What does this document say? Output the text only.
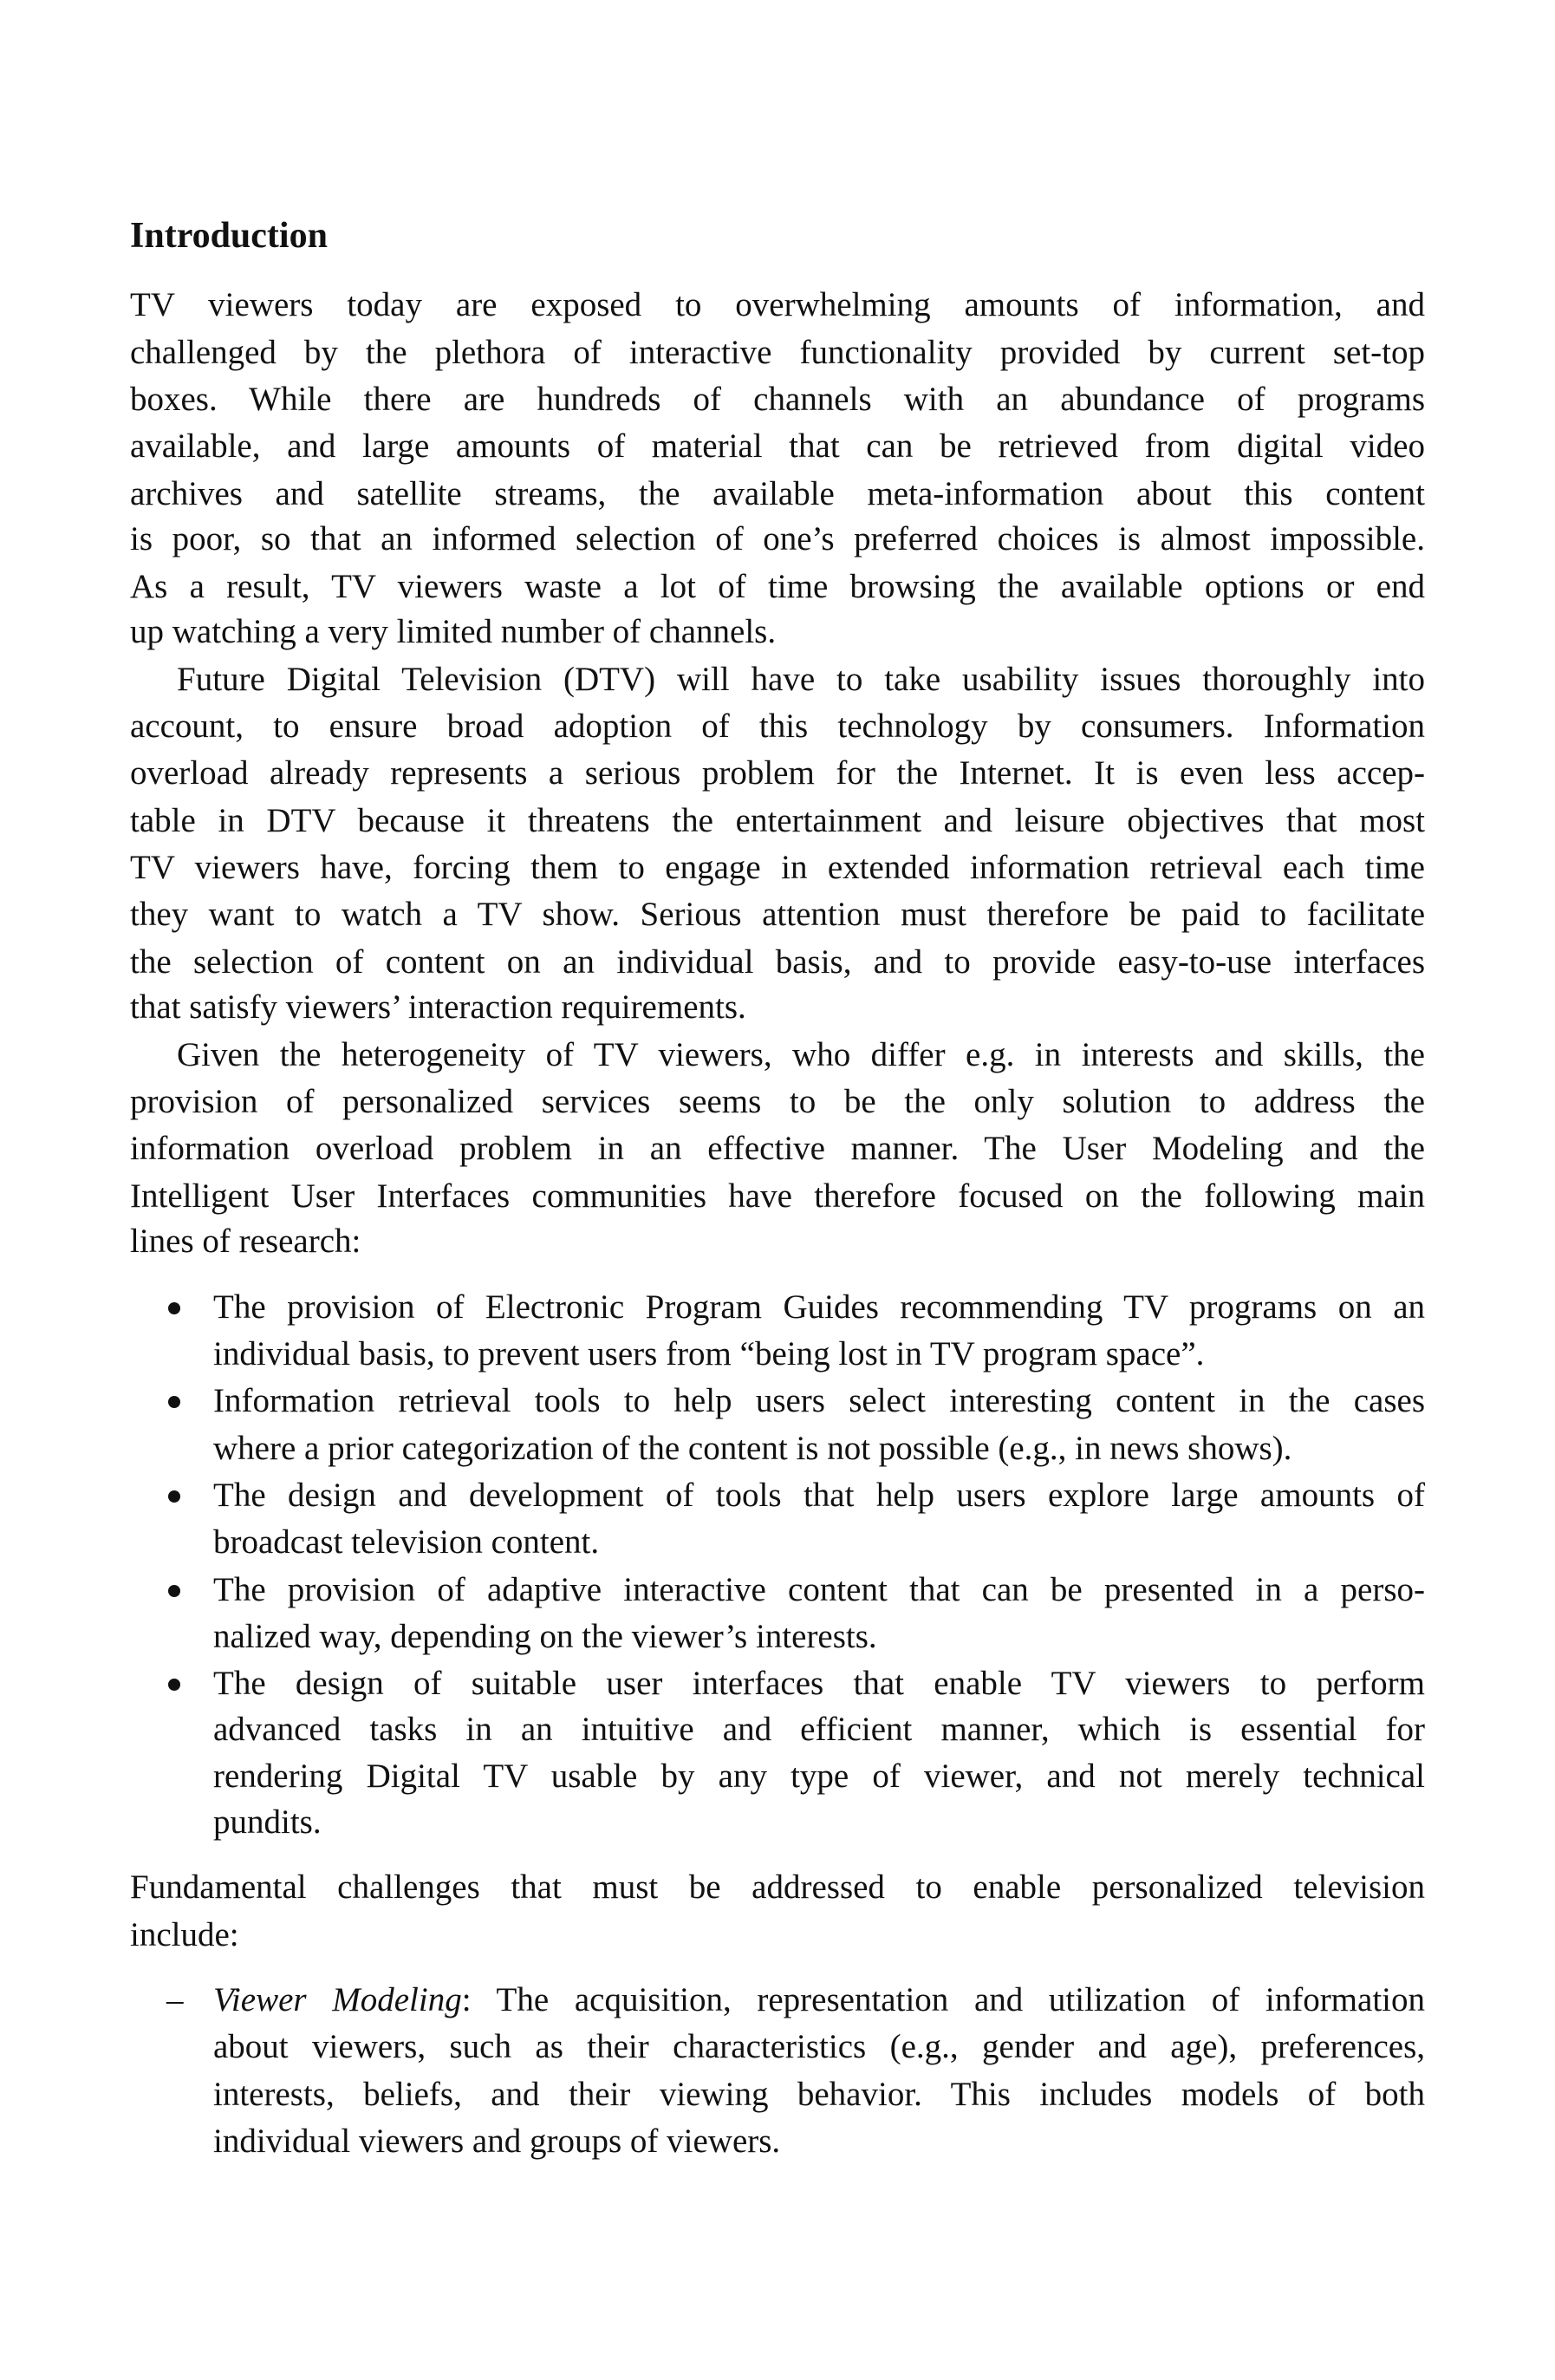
Introduction
TV viewers today are exposed to overwhelming amounts of information, and
challenged by the plethora of interactive functionality provided by current set-top
boxes. While there are hundreds of channels with an abundance of programs
available, and large amounts of material that can be retrieved from digital video
archives and satellite streams, the available meta-information about this content
is poor, so that an informed selection of one’s preferred choices is almost impossible.
As a result, TV viewers waste a lot of time browsing the available options or end
up watching a very limited number of channels.
Future Digital Television (DTV) will have to take usability issues thoroughly into
account, to ensure broad adoption of this technology by consumers. Information
overload already represents a serious problem for the Internet. It is even less accep-
table in DTV because it threatens the entertainment and leisure objectives that most
TV viewers have, forcing them to engage in extended information retrieval each time
they want to watch a TV show. Serious attention must therefore be paid to facilitate
the selection of content on an individual basis, and to provide easy-to-use interfaces
that satisfy viewers’ interaction requirements.
Given the heterogeneity of TV viewers, who differ e.g. in interests and skills, the
provision of personalized services seems to be the only solution to address the
information overload problem in an effective manner. The User Modeling and the
Intelligent User Interfaces communities have therefore focused on the following main
lines of research:
The provision of Electronic Program Guides recommending TV programs on an
individual basis, to prevent users from “being lost in TV program space”.
Information retrieval tools to help users select interesting content in the cases
where a prior categorization of the content is not possible (e.g., in news shows).
The design and development of tools that help users explore large amounts of
broadcast television content.
The provision of adaptive interactive content that can be presented in a perso-
nalized way, depending on the viewer’s interests.
The design of suitable user interfaces that enable TV viewers to perform
advanced tasks in an intuitive and efficient manner, which is essential for
rendering Digital TV usable by any type of viewer, and not merely technical
pundits.
Fundamental challenges that must be addressed to enable personalized television
include:
– Viewer Modeling: The acquisition, representation and utilization of information
about viewers, such as their characteristics (e.g., gender and age), preferences,
interests, beliefs, and their viewing behavior. This includes models of both
individual viewers and groups of viewers.
